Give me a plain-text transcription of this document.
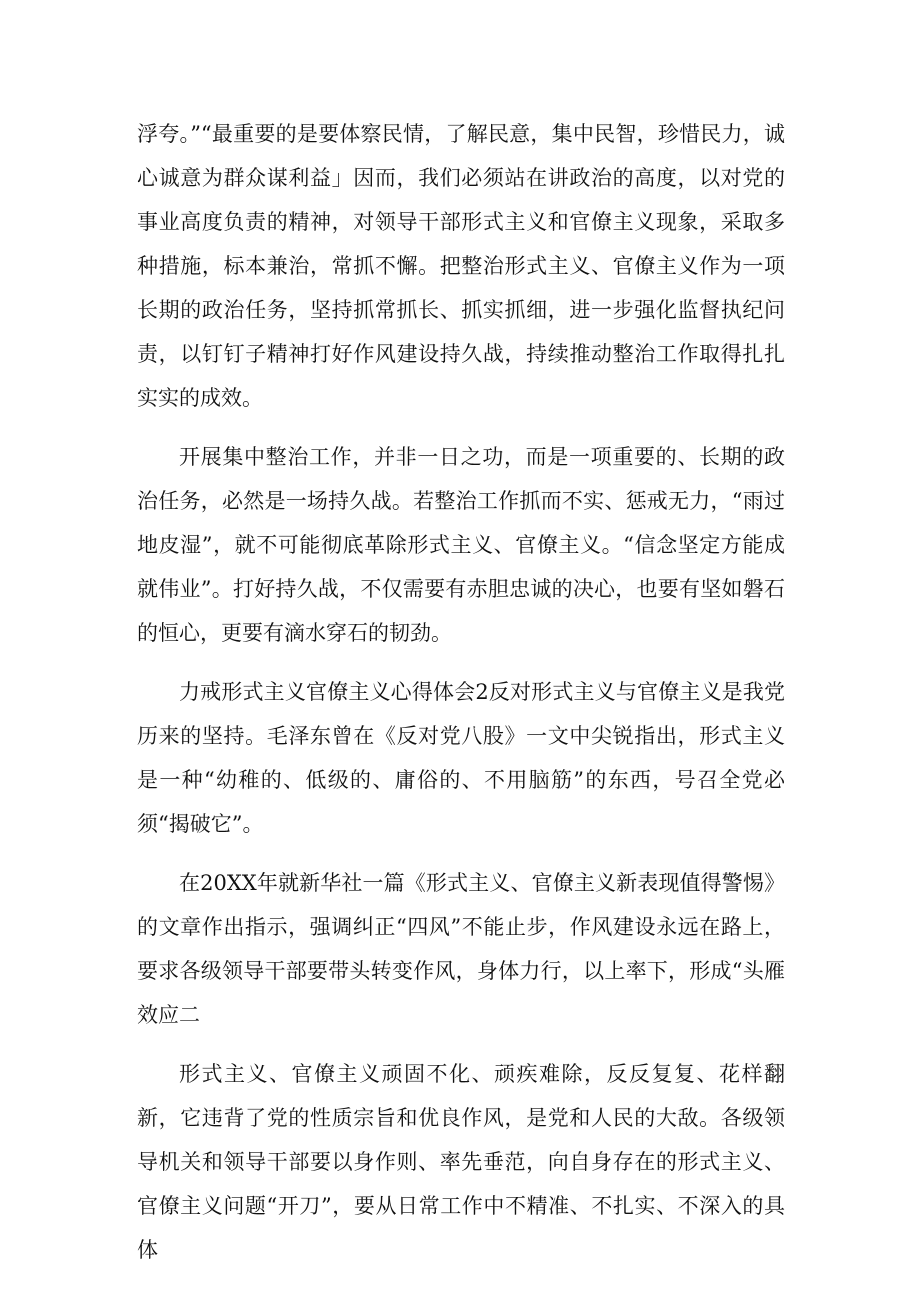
浮夸。”“最重要的是要体察民情，了解民意，集中民智，珍惜民力，诚心诚意为群众谋利益」因而，我们必须站在讲政治的高度，以对党的事业高度负责的精神，对领导干部形式主义和官僚主义现象，采取多种措施，标本兼治，常抓不懈。把整治形式主义、官僚主义作为一项长期的政治任务，坚持抓常抓长、抓实抓细，进一步强化监督执纪问责，以钉钉子精神打好作风建设持久战，持续推动整治工作取得扎扎实实的成效。

开展集中整治工作，并非一日之功，而是一项重要的、长期的政治任务，必然是一场持久战。若整治工作抓而不实、惩戒无力，“雨过地皮湿”，就不可能彻底革除形式主义、官僚主义。“信念坚定方能成就伟业”。打好持久战，不仅需要有赤胆忠诚的决心，也要有坚如磐石的恒心，更要有滴水穿石的韧劲。

力戒形式主义官僚主义心得体会2反对形式主义与官僚主义是我党历来的坚持。毛泽东曾在《反对党八股》一文中尖锐指出，形式主义是一种“幼稚的、低级的、庸俗的、不用脑筋”的东西，号召全党必须“揭破它”。

在20XX年就新华社一篇《形式主义、官僚主义新表现值得警惕》的文章作出指示，强调纠正“四风”不能止步，作风建设永远在路上，要求各级领导干部要带头转变作风，身体力行，以上率下，形成“头雁效应二

形式主义、官僚主义顽固不化、顽疾难除，反反复复、花样翻新，它违背了党的性质宗旨和优良作风，是党和人民的大敌。各级领导机关和领导干部要以身作则、率先垂范，向自身存在的形式主义、官僚主义问题“开刀”，要从日常工作中不精准、不扎实、不深入的具体
